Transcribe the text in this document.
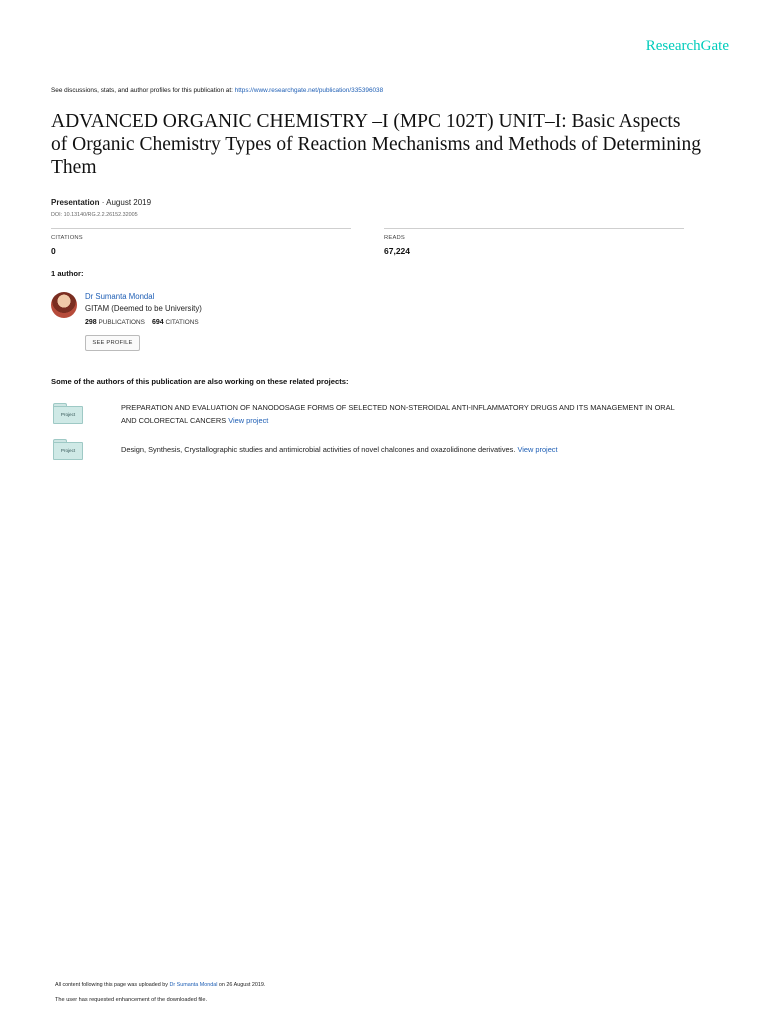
ResearchGate
See discussions, stats, and author profiles for this publication at: https://www.researchgate.net/publication/335396038
ADVANCED ORGANIC CHEMISTRY –I (MPC 102T) UNIT–I: Basic Aspects of Organic Chemistry Types of Reaction Mechanisms and Methods of Determining Them
Presentation · August 2019
DOI: 10.13140/RG.2.2.26152.32005
CITATIONS
0
READS
67,224
1 author:
Dr Sumanta Mondal
GITAM (Deemed to be University)
298 PUBLICATIONS 694 CITATIONS
SEE PROFILE
Some of the authors of this publication are also working on these related projects:
Project
PREPARATION AND EVALUATION OF NANODOSAGE FORMS OF SELECTED NON-STEROIDAL ANTI-INFLAMMATORY DRUGS AND ITS MANAGEMENT IN ORAL AND COLORECTAL CANCERS View project
Project	Design, Synthesis, Crystallographic studies and antimicrobial activities of novel chalcones and oxazolidinone derivatives. View project
All content following this page was uploaded by Dr Sumanta Mondal on 26 August 2019.
The user has requested enhancement of the downloaded file.
